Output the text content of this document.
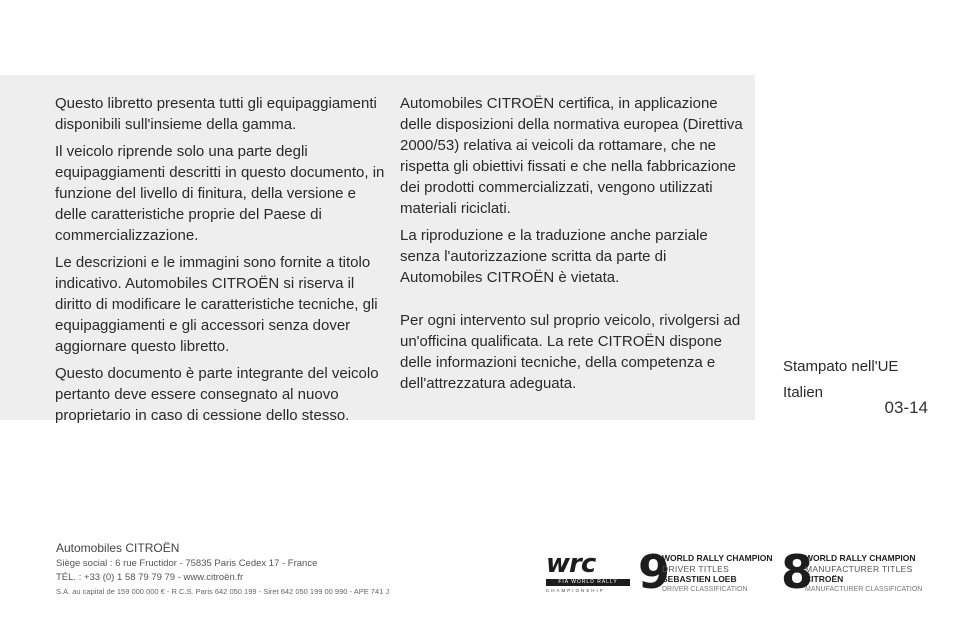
Questo libretto presenta tutti gli equipaggiamenti disponibili sull'insieme della gamma.

Il veicolo riprende solo una parte degli equipaggiamenti descritti in questo documento, in funzione del livello di finitura, della versione e delle caratteristiche proprie del Paese di commercializzazione.

Le descrizioni e le immagini sono fornite a titolo indicativo. Automobiles CITROËN si riserva il diritto di modificare le caratteristiche tecniche, gli equipaggiamenti e gli accessori senza dover aggiornare questo libretto.

Questo documento è parte integrante del veicolo pertanto deve essere consegnato al nuovo proprietario in caso di cessione dello stesso.

Automobiles CITROËN certifica, in applicazione delle disposizioni della normativa europea (Direttiva 2000/53) relativa ai veicoli da rottamare, che ne rispetta gli obiettivi fissati e che nella fabbricazione dei prodotti commercializzati, vengono utilizzati materiali riciclati.

La riproduzione e la traduzione anche parziale senza l'autorizzazione scritta da parte di Automobiles CITROËN è vietata.

Per ogni intervento sul proprio veicolo, rivolgersi ad un'officina qualificata. La rete CITROËN dispone delle informazioni tecniche, della competenza e dell'attrezzatura adeguata.

Stampato nell'UE
Italien
03-14
Automobiles CITROËN
Siège social : 6 rue Fructidor - 75835 Paris Cedex 17 - France
TÉL. : +33 (0) 1 58 79 79 79 - www.citroën.fr
S.A. au capital de 159 000 000 € - R.C.S. Paris 642 050 199 - Siret 642 050 199 00 990 - APE 741 J
wrc
FIA WORLD RALLY
CHAMPIONSHIP 9
WORLD RALLY CHAMPION
DRIVER TITLES
SEBASTIEN LOEB
DRIVER CLASSIFICATION 8
WORLD RALLY CHAMPION
MANUFACTURER TITLES
CITROËN
MANUFACTURER CLASSIFICATION
